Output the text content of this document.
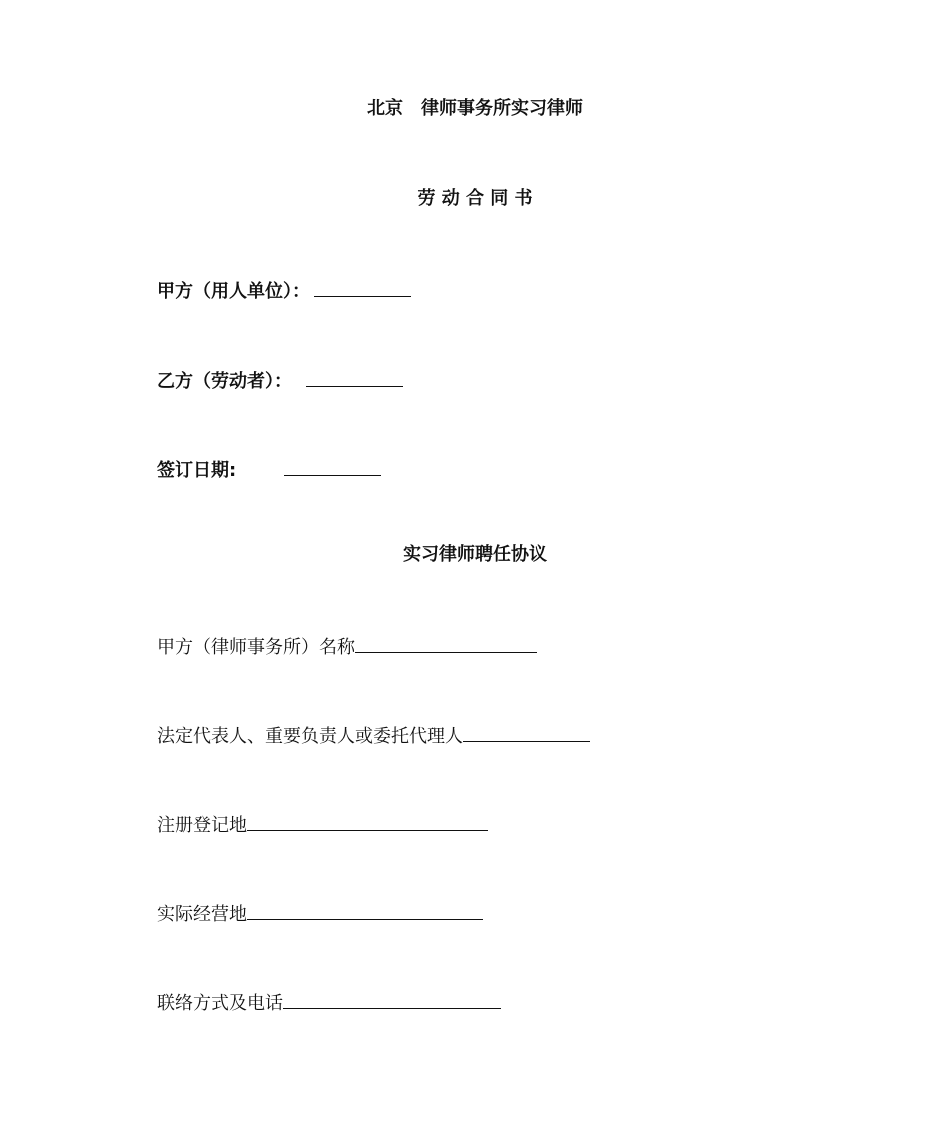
北京 律师事务所实习律师
劳 动 合 同 书
甲方（用人单位）：
乙方（劳动者）：
签订日期:
实习律师聘任协议
甲方（律师事务所）名称
法定代表人、重要负责人或委托代理人
注册登记地
实际经营地
联络方式及电话
